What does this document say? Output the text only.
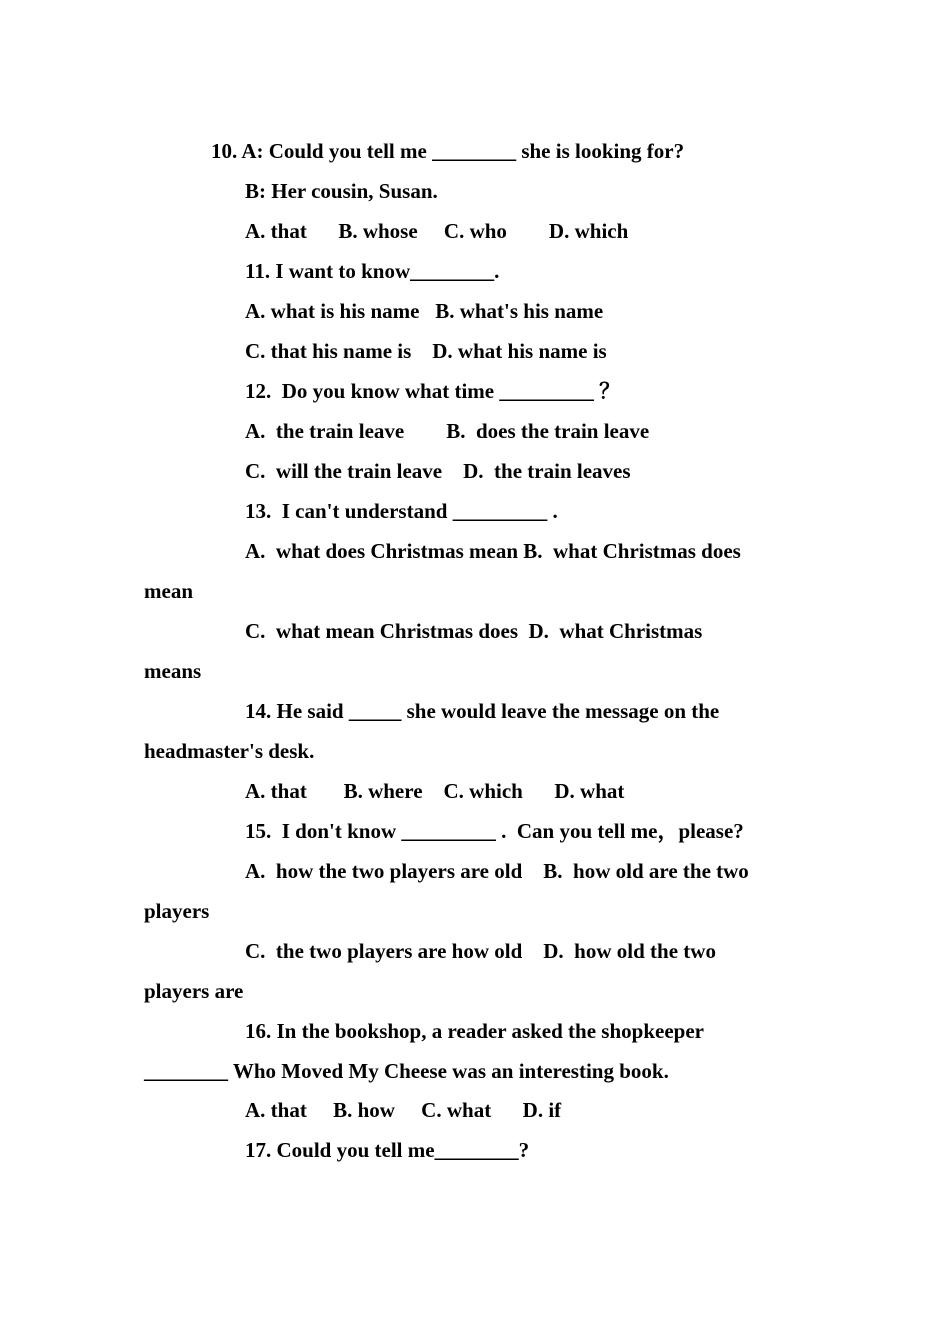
10. A: Could you tell me ________ she is looking for?
B: Her cousin, Susan.
A. that      B. whose     C. who        D. which
11. I want to know________.
A. what is his name   B. what's his name
C. that his name is    D. what his name is
12.  Do you know what time _________ ？
A.  the train leave        B.  does the train leave
C.  will the train leave    D.  the train leaves
13.  I can't understand _________ .
A.  what does Christmas mean B.  what Christmas does
mean
C.  what mean Christmas does  D.  what Christmas
means
14. He said _____ she would leave the message on the
headmaster's desk.
A. that       B. where    C. which      D. what
15.  I don't know _________ .  Can you tell me，please?
A.  how the two players are old    B.  how old are the two
players
C.  the two players are how old    D.  how old the two
players are
16. In the bookshop, a reader asked the shopkeeper
________ Who Moved My Cheese was an interesting book.
A. that     B. how     C. what      D. if
17. Could you tell me________?
